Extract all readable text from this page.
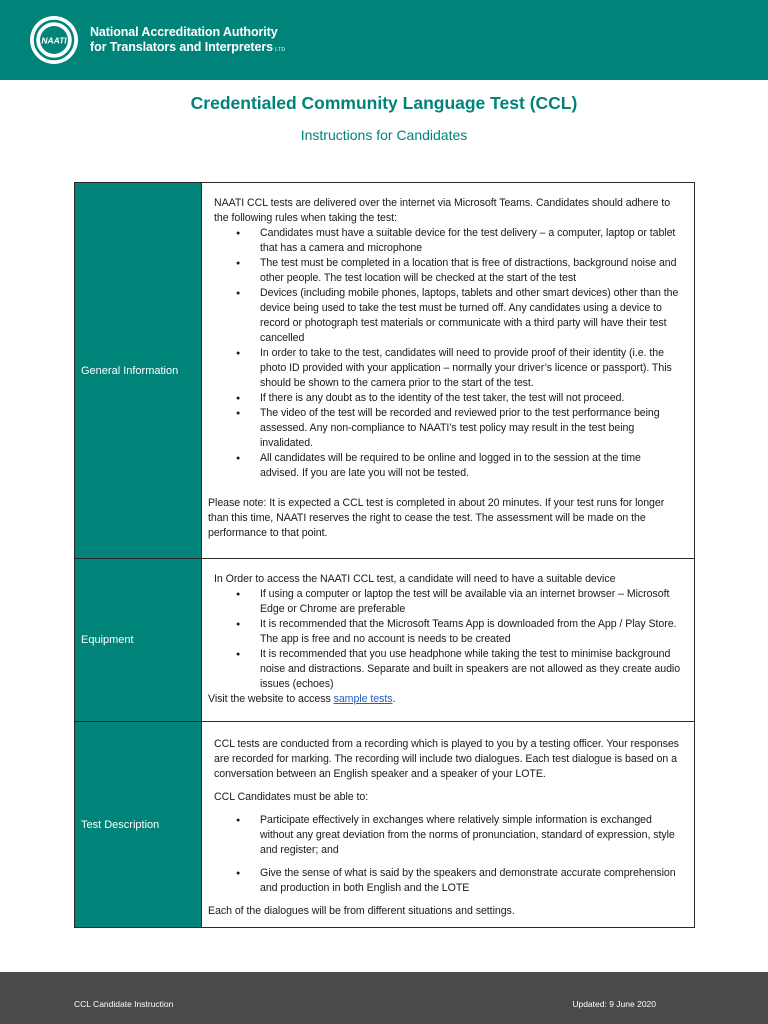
NAATI
National Accreditation Authority
for Translators and Interpreters LTD
Credentialed Community Language Test (CCL)
Instructions for Candidates
General Information

NAATI CCL tests are delivered over the internet via Microsoft Teams. Candidates should adhere to the following rules when taking the test:

● Candidates must have a suitable device for the test delivery – a computer, laptop or tablet that has a camera and microphone
● The test must be completed in a location that is free of distractions, background noise and other people. The test location will be checked at the start of the test
● Devices (including mobile phones, laptops, tablets and other smart devices) other than the device being used to take the test must be turned off. Any candidates using a device to record or photograph test materials or communicate with a third party will have their test cancelled
● In order to take to the test, candidates will need to provide proof of their identity (i.e. the photo ID provided with your application – normally your driver’s licence or passport). This should be shown to the camera prior to the start of the test.
● If there is any doubt as to the identity of the test taker, the test will not proceed.
● The video of the test will be recorded and reviewed prior to the test performance being assessed. Any non-compliance to NAATI’s test policy may result in the test being invalidated.
● All candidates will be required to be online and logged in to the session at the time advised. If you are late you will not be tested.

Please note: It is expected a CCL test is completed in about 20 minutes. If your test runs for longer than this time, NAATI reserves the right to cease the test. The assessment will be made on the performance to that point.

Equipment

In Order to access the NAATI CCL test, a candidate will need to have a suitable device

● If using a computer or laptop the test will be available via an internet browser – Microsoft Edge or Chrome are preferable
● It is recommended that the Microsoft Teams App is downloaded from the App / Play Store. The app is free and no account is needs to be created
● It is recommended that you use headphone while taking the test to minimise background noise and distractions. Separate and built in speakers are not allowed as they create audio issues (echoes)

Visit the website to access sample tests.

Test Description

CCL tests are conducted from a recording which is played to you by a testing officer. Your responses are recorded for marking. The recording will include two dialogues. Each test dialogue is based on a conversation between an English speaker and a speaker of your LOTE.

CCL Candidates must be able to:

● Participate effectively in exchanges where relatively simple information is exchanged without any great deviation from the norms of pronunciation, standard of expression, style and register; and
● Give the sense of what is said by the speakers and demonstrate accurate comprehension and production in both English and the LOTE

Each of the dialogues will be from different situations and settings.

CCL Candidate Instruction	Updated: 9 June 2020
